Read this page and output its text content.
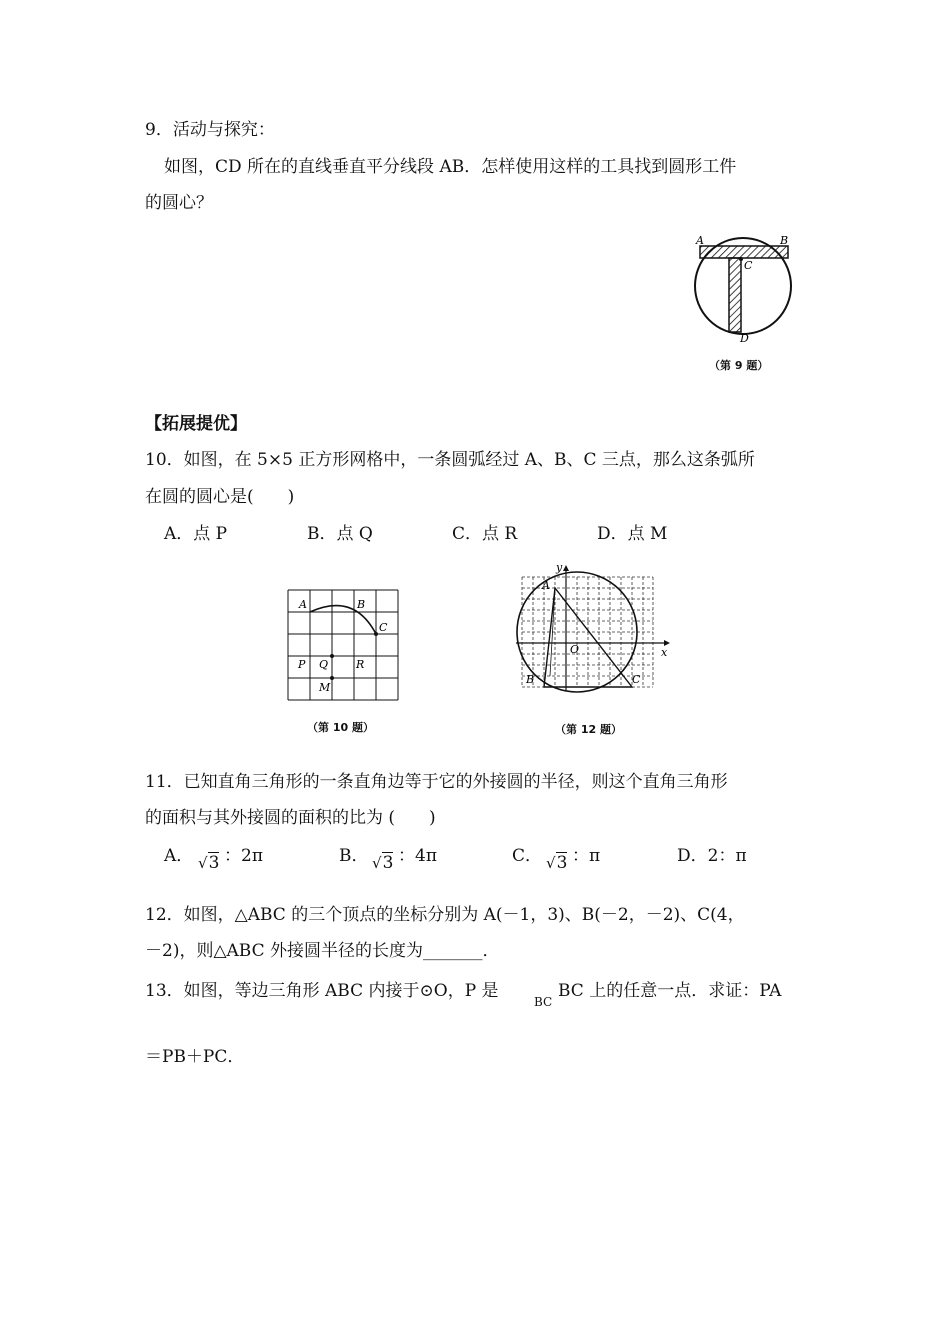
9．活动与探究：
如图，CD 所在的直线垂直平分线段 AB．怎样使用这样的工具找到圆形工件
的圆心？
A	B
C
D
（第 9 题）
【拓展提优】
10．如图，在 5×5 正方形网格中，一条圆弧经过 A、B、C 三点，那么这条弧所
在圆的圆心是(　　)
A．点 P	B．点 Q	C．点 R	D．点 M
A	B
C
P Q	R
M
（第 10 题）
A
B	C
O	x
y
（第 12 题）
11．已知直角三角形的一条直角边等于它的外接圆的半径，则这个直角三角形
的面积与其外接圆的面积的比为 (　　)
A． √3 ：2π	B． √3 ：4π	C． √3 ：π	D．2：π
12．如图，△ABC 的三个顶点的坐标分别为 A(－1，3)、B(－2，－2)、C(4，
－2)，则△ABC 外接圆半径的长度为_______．
13．如图，等边三角形 ABC 内接于⊙O，P 是
BC
BC 上的任意一点．求证：PA
＝PB＋PC．
